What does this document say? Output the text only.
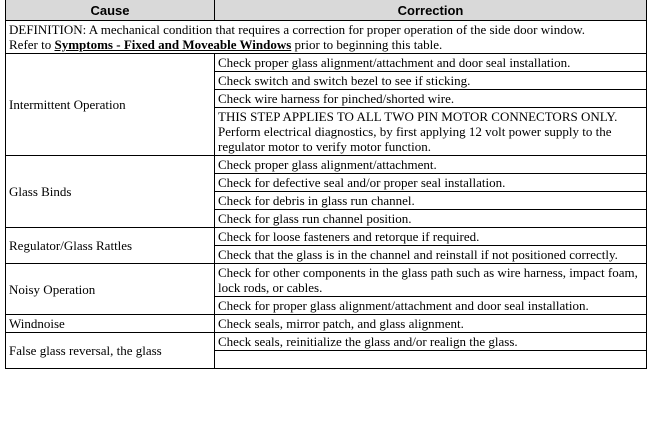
Cause	Correction
DEFINITION: A mechanical condition that requires a correction for proper operation of the side door window.
Refer to Symptoms - Fixed and Moveable Windows prior to beginning this table.	
Intermittent Operation	Check proper glass alignment/attachment and door seal installation.
	Check switch and switch bezel to see if sticking.
	Check wire harness for pinched/shorted wire.
	THIS STEP APPLIES TO ALL TWO PIN MOTOR CONNECTORS ONLY. Perform electrical diagnostics, by first applying 12 volt power supply to the regulator motor to verify motor function.
Glass Binds	Check proper glass alignment/attachment.
	Check for defective seal and/or proper seal installation.
	Check for debris in glass run channel.
	Check for glass run channel position.
Regulator/Glass Rattles	Check for loose fasteners and retorque if required.
	Check that the glass is in the channel and reinstall if not positioned correctly.
Noisy Operation	Check for other components in the glass path such as wire harness, impact foam, lock rods, or cables.
	Check for proper glass alignment/attachment and door seal installation.
Windnoise	Check seals, mirror patch, and glass alignment.
False glass reversal, the glass	Check seals, reinitialize the glass and/or realign the glass.
